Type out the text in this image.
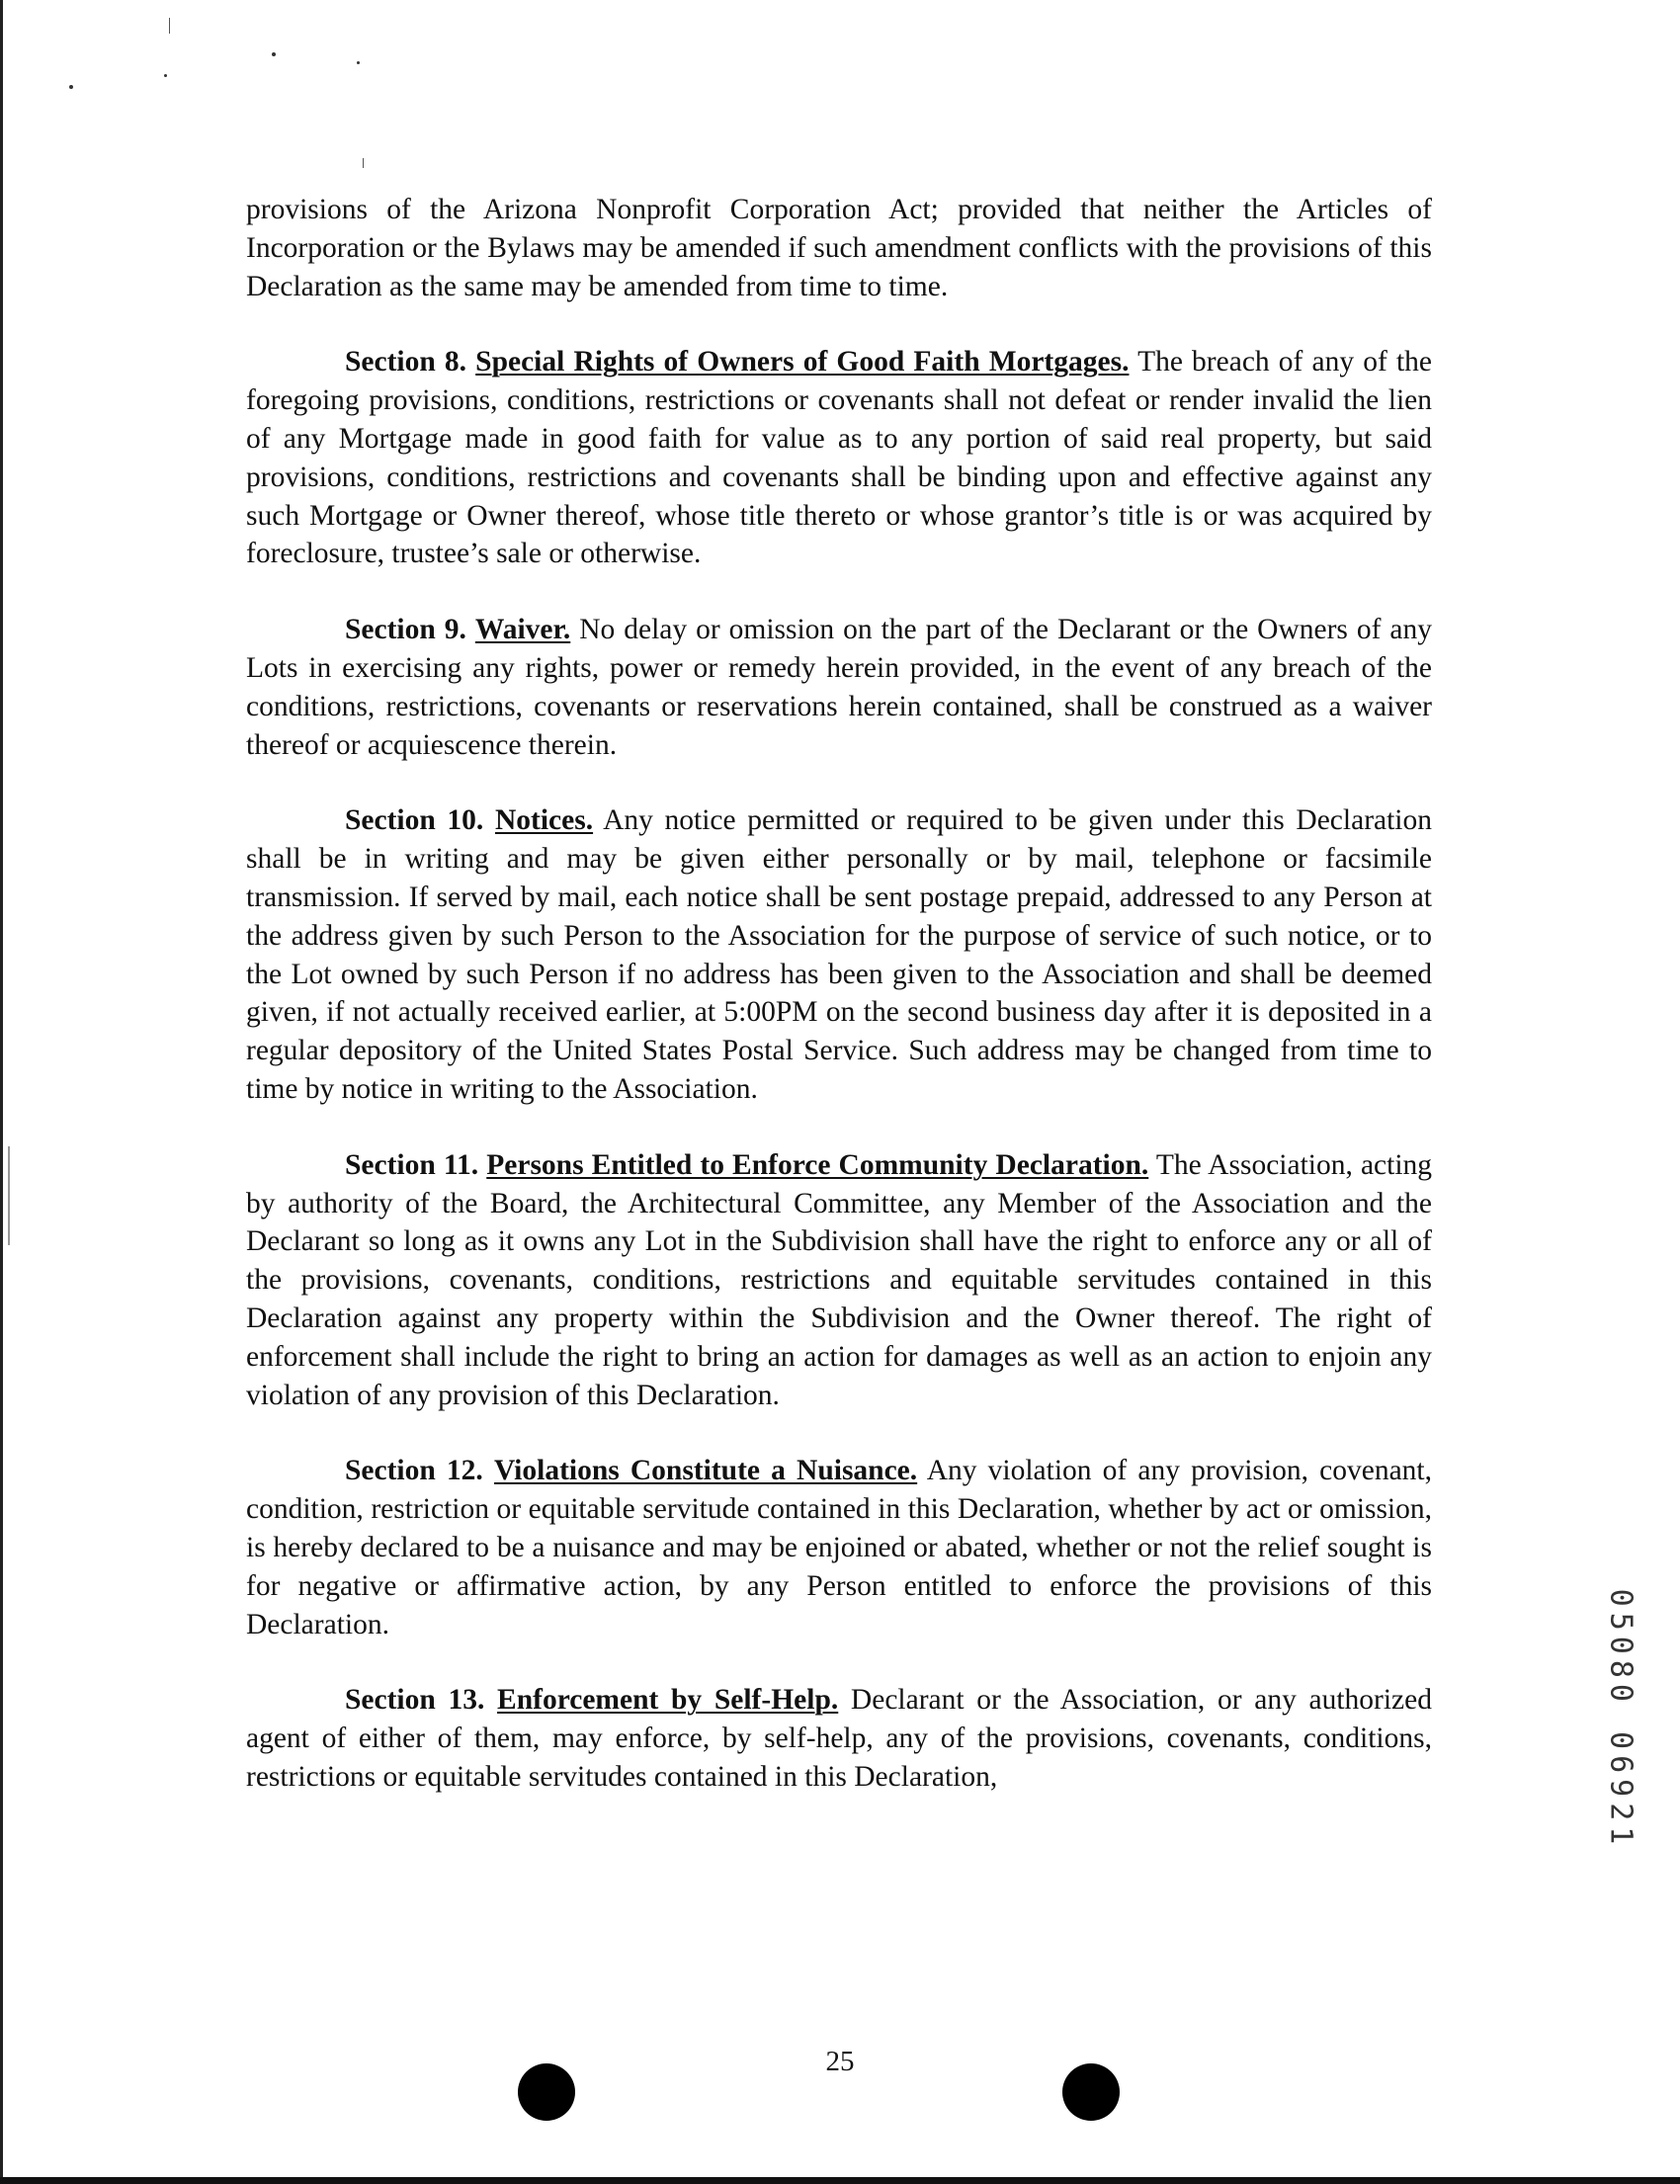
provisions of the Arizona Nonprofit Corporation Act; provided that neither the Articles of Incorporation or the Bylaws may be amended if such amendment conflicts with the provisions of this Declaration as the same may be amended from time to time.

Section 8. Special Rights of Owners of Good Faith Mortgages. The breach of any of the foregoing provisions, conditions, restrictions or covenants shall not defeat or render invalid the lien of any Mortgage made in good faith for value as to any portion of said real property, but said provisions, conditions, restrictions and covenants shall be binding upon and effective against any such Mortgage or Owner thereof, whose title thereto or whose grantor’s title is or was acquired by foreclosure, trustee’s sale or otherwise.

Section 9. Waiver. No delay or omission on the part of the Declarant or the Owners of any Lots in exercising any rights, power or remedy herein provided, in the event of any breach of the conditions, restrictions, covenants or reservations herein contained, shall be construed as a waiver thereof or acquiescence therein.

Section 10. Notices. Any notice permitted or required to be given under this Declaration shall be in writing and may be given either personally or by mail, telephone or facsimile transmission. If served by mail, each notice shall be sent postage prepaid, addressed to any Person at the address given by such Person to the Association for the purpose of service of such notice, or to the Lot owned by such Person if no address has been given to the Association and shall be deemed given, if not actually received earlier, at 5:00PM on the second business day after it is deposited in a regular depository of the United States Postal Service. Such address may be changed from time to time by notice in writing to the Association.

Section 11. Persons Entitled to Enforce Community Declaration. The Association, acting by authority of the Board, the Architectural Committee, any Member of the Association and the Declarant so long as it owns any Lot in the Subdivision shall have the right to enforce any or all of the provisions, covenants, conditions, restrictions and equitable servitudes contained in this Declaration against any property within the Subdivision and the Owner thereof. The right of enforcement shall include the right to bring an action for damages as well as an action to enjoin any violation of any provision of this Declaration.

Section 12. Violations Constitute a Nuisance. Any violation of any provision, covenant, condition, restriction or equitable servitude contained in this Declaration, whether by act or omission, is hereby declared to be a nuisance and may be enjoined or abated, whether or not the relief sought is for negative or affirmative action, by any Person entitled to enforce the provisions of this Declaration.

Section 13. Enforcement by Self-Help. Declarant or the Association, or any authorized agent of either of them, may enforce, by self-help, any of the provisions, covenants, conditions, restrictions or equitable servitudes contained in this Declaration,	05080 06921
25
